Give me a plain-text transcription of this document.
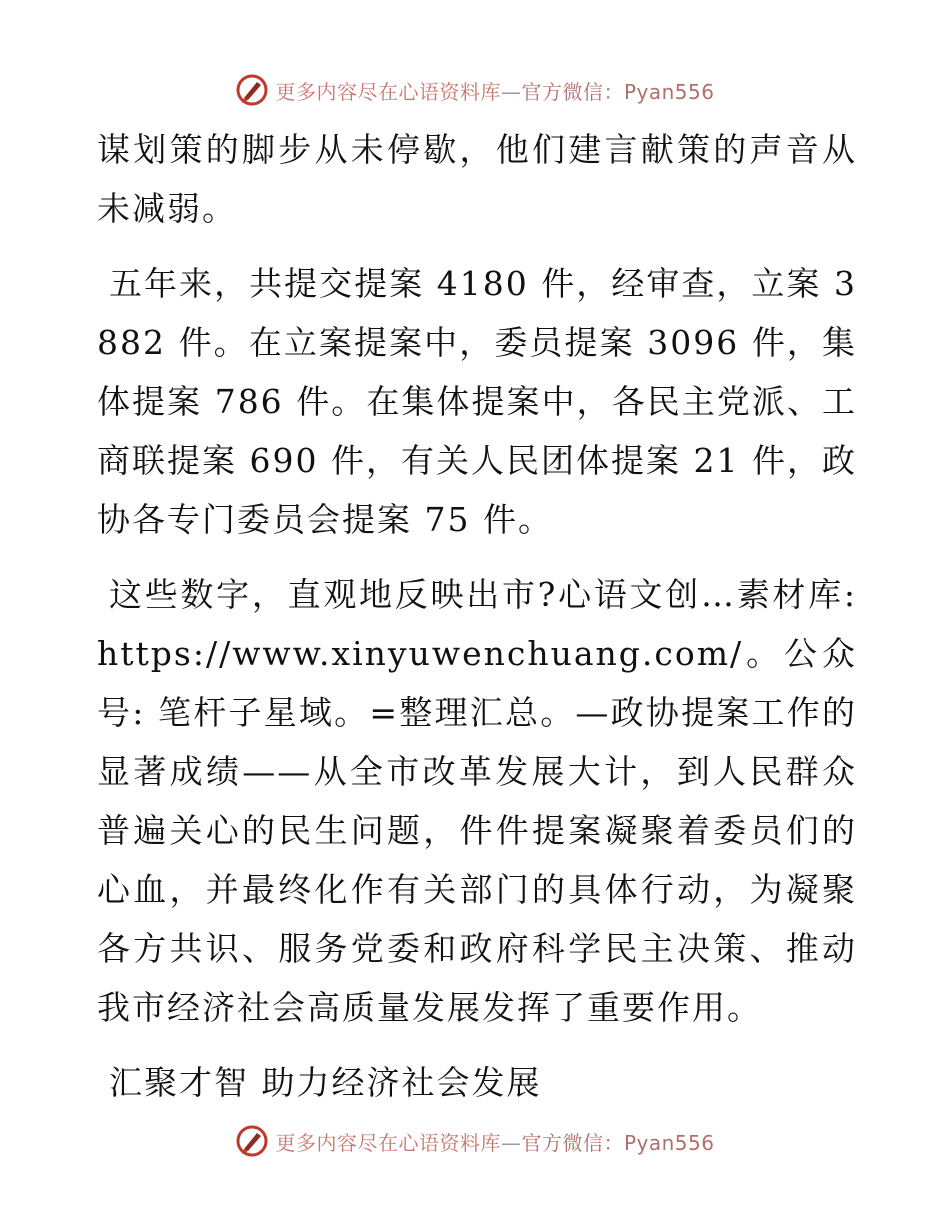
更多内容尽在心语资料库—官方微信：Pyan556

谋划策的脚步从未停歇，他们建言献策的声音从未减弱。

五年来，共提交提案 4180 件，经审查，立案 3882 件。在立案提案中，委员提案 3096 件，集体提案 786 件。在集体提案中，各民主党派、工商联提案 690 件，有关人民团体提案 21 件，政协各专门委员会提案 75 件。

这些数字，直观地反映出市?心语文创…素材库: https://www.xinyuwenchuang.com/。公众号: 笔杆子星域。=整理汇总。—政协提案工作的显著成绩——从全市改革发展大计，到人民群众普遍关心的民生问题，件件提案凝聚着委员们的心血，并最终化作有关部门的具体行动，为凝聚各方共识、服务党委和政府科学民主决策、推动我市经济社会高质量发展发挥了重要作用。

汇聚才智 助力经济社会发展

更多内容尽在心语资料库—官方微信：Pyan556
